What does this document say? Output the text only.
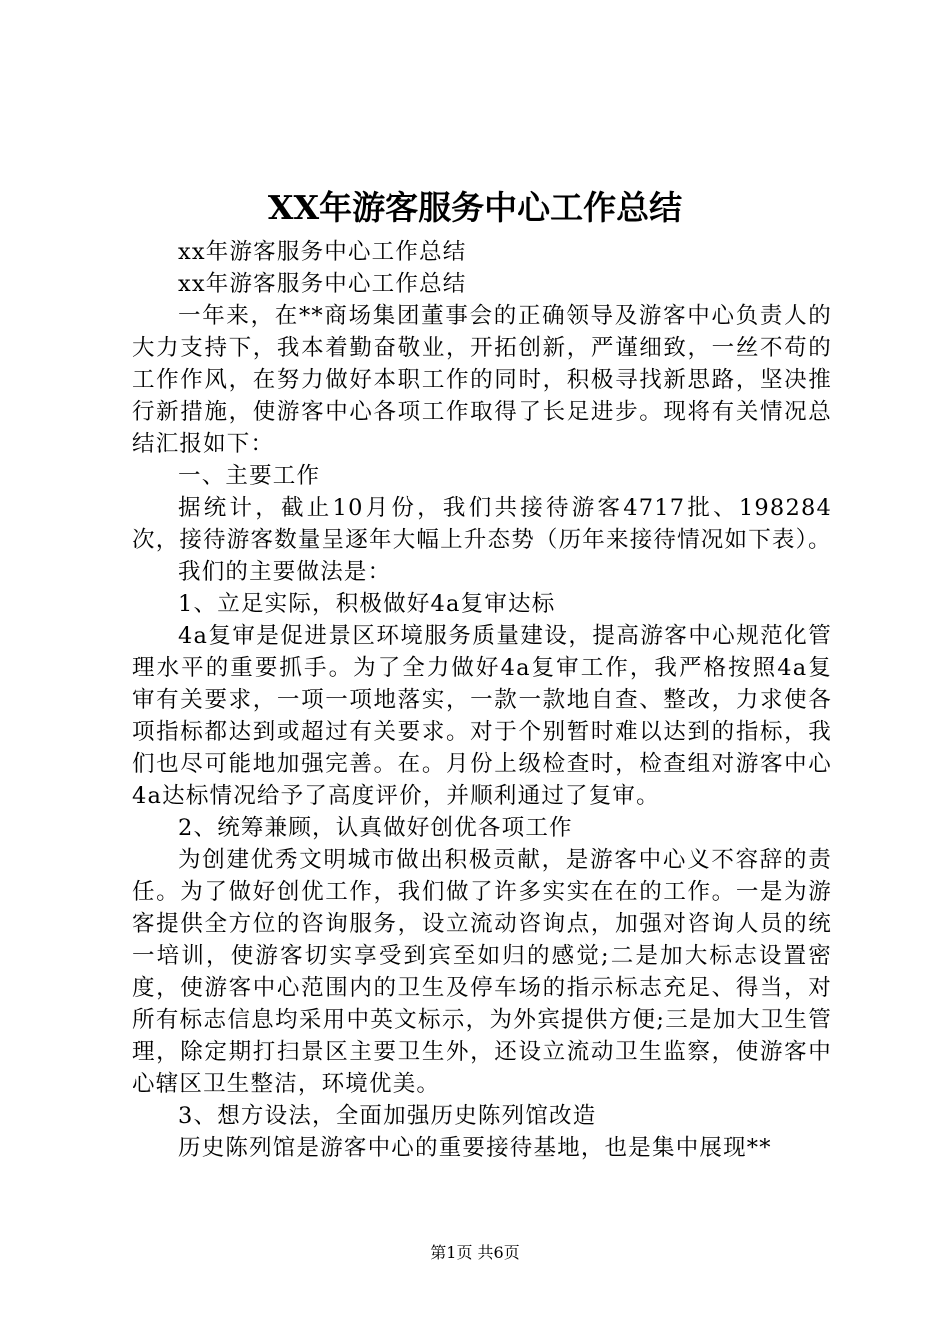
XX年游客服务中心工作总结

xx年游客服务中心工作总结

xx年游客服务中心工作总结

一年来，在**商场集团董事会的正确领导及游客中心负责人的大力支持下，我本着勤奋敬业，开拓创新，严谨细致，一丝不苟的工作作风，在努力做好本职工作的同时，积极寻找新思路，坚决推行新措施，使游客中心各项工作取得了长足进步。现将有关情况总结汇报如下：

一、主要工作

据统计，截止10月份，我们共接待游客4717批、198284次，接待游客数量呈逐年大幅上升态势（历年来接待情况如下表）。

我们的主要做法是：

1、立足实际，积极做好4a复审达标

4a复审是促进景区环境服务质量建设，提高游客中心规范化管理水平的重要抓手。为了全力做好4a复审工作，我严格按照4a复审有关要求，一项一项地落实，一款一款地自查、整改，力求使各项指标都达到或超过有关要求。对于个别暂时难以达到的指标，我们也尽可能地加强完善。在。月份上级检查时，检查组对游客中心4a达标情况给予了高度评价，并顺利通过了复审。

2、统筹兼顾，认真做好创优各项工作

为创建优秀文明城市做出积极贡献，是游客中心义不容辞的责任。为了做好创优工作，我们做了许多实实在在的工作。一是为游客提供全方位的咨询服务，设立流动咨询点，加强对咨询人员的统一培训，使游客切实享受到宾至如归的感觉;二是加大标志设置密度，使游客中心范围内的卫生及停车场的指示标志充足、得当，对所有标志信息均采用中英文标示，为外宾提供方便;三是加大卫生管理，除定期打扫景区主要卫生外，还设立流动卫生监察，使游客中心辖区卫生整洁，环境优美。

3、想方设法，全面加强历史陈列馆改造

历史陈列馆是游客中心的重要接待基地，也是集中展现**

第1页 共6页
